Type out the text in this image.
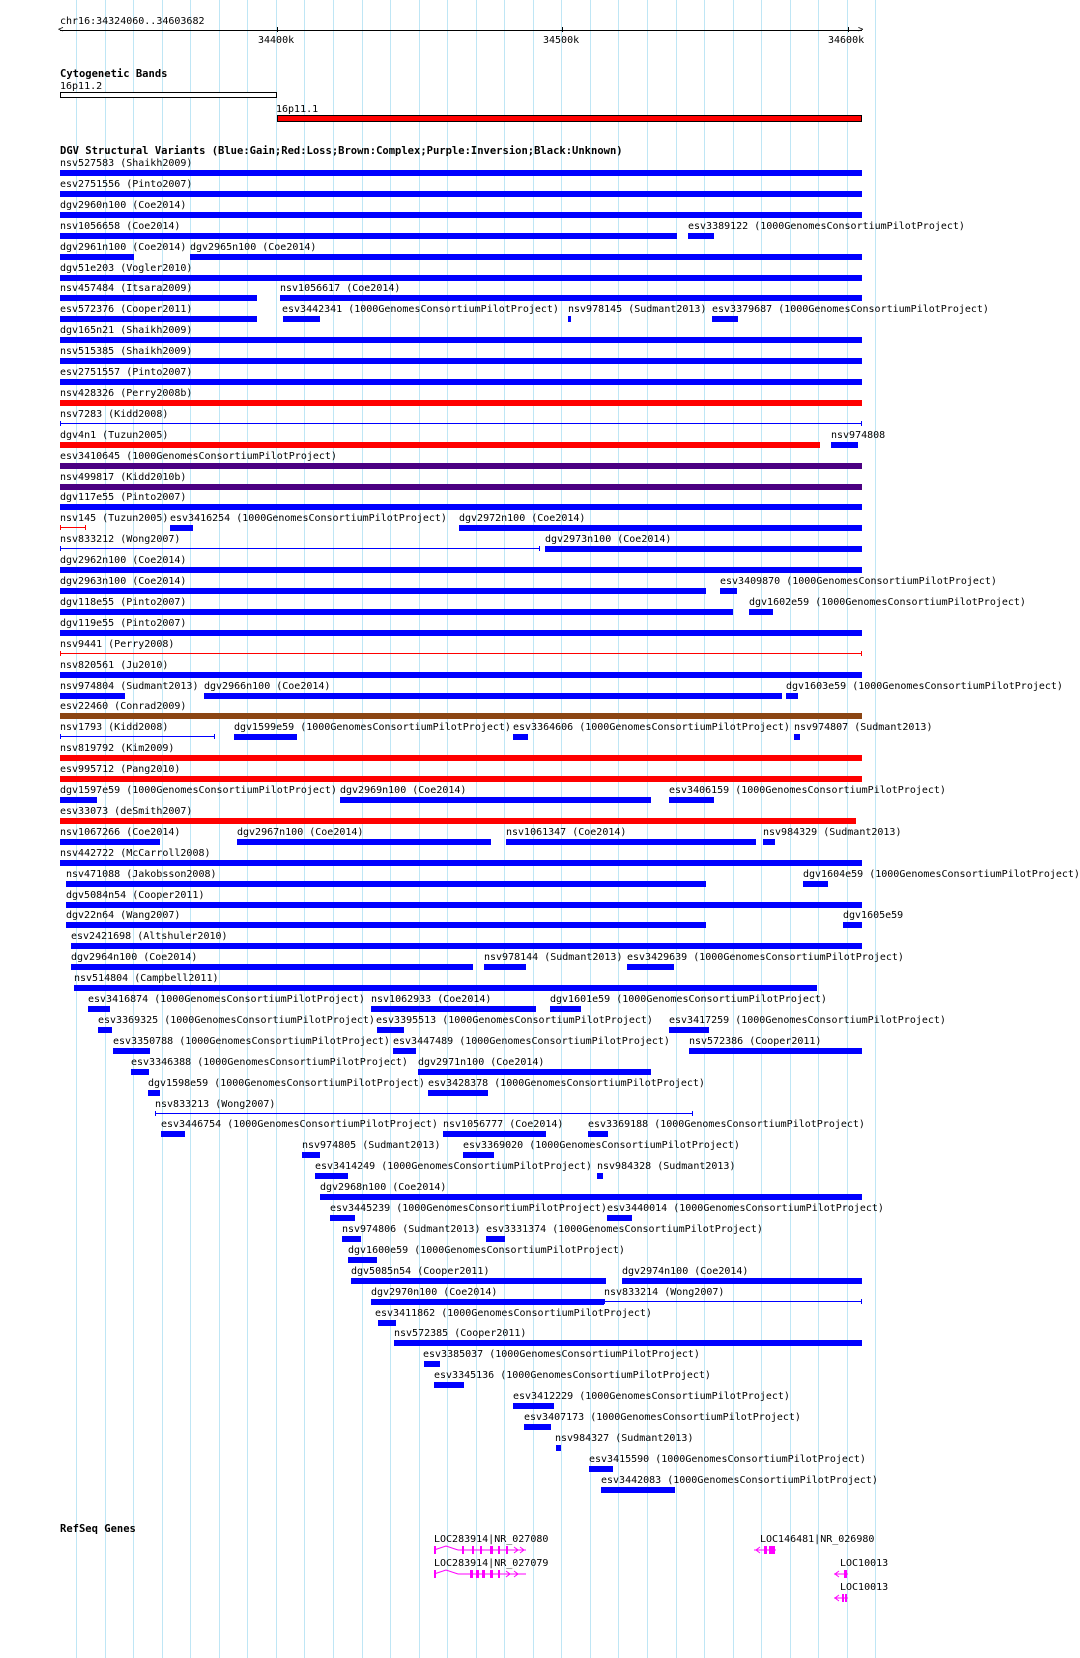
chr16:34324060..34603682
<	>
34400k	34500k	34600k
Cytogenetic Bands
16p11.2
16p11.1
DGV Structural Variants (Blue:Gain;Red:Loss;Brown:Complex;Purple:Inversion;Black:Unknown)
nsv527583 (Shaikh2009)
esv2751556 (Pinto2007)
dgv2960n100 (Coe2014)
nsv1056658 (Coe2014)	esv3389122 (1000GenomesConsortiumPilotProject)
dgv2961n100 (Coe2014) dgv2965n100 (Coe2014)
dgv51e203 (Vogler2010)
nsv457484 (Itsara2009)	nsv1056617 (Coe2014)
esv572376 (Cooper2011)	esv3442341 (1000GenomesConsortiumPilotProject) nsv978145 (Sudmant2013) esv3379687 (1000GenomesConsortiumPilotProject)
dgv165n21 (Shaikh2009)
nsv515385 (Shaikh2009)
esv2751557 (Pinto2007)
nsv428326 (Perry2008b)
nsv7283 (Kidd2008)
dgv4n1 (Tuzun2005)	nsv974808
esv3410645 (1000GenomesConsortiumPilotProject)
nsv499817 (Kidd2010b)
dgv117e55 (Pinto2007)
nsv145 (Tuzun2005) esv3416254 (1000GenomesConsortiumPilotProject) dgv2972n100 (Coe2014)
nsv833212 (Wong2007)	dgv2973n100 (Coe2014)
dgv2962n100 (Coe2014)
dgv2963n100 (Coe2014)	esv3409870 (1000GenomesConsortiumPilotProject)
dgv118e55 (Pinto2007)	dgv1602e59 (1000GenomesConsortiumPilotProject)
dgv119e55 (Pinto2007)
nsv9441 (Perry2008)
nsv820561 (Ju2010)
nsv974804 (Sudmant2013) dgv2966n100 (Coe2014)	dgv1603e59 (1000GenomesConsortiumPilotProject)
esv22460 (Conrad2009)
nsv1793 (Kidd2008)	dgv1599e59 (1000GenomesConsortiumPilotProject) esv3364606 (1000GenomesConsortiumPilotProject) nsv974807 (Sudmant2013)
nsv819792 (Kim2009)
esv995712 (Pang2010)
dgv1597e59 (1000GenomesConsortiumPilotProject) dgv2969n100 (Coe2014)	esv3406159 (1000GenomesConsortiumPilotProject)
esv33073 (deSmith2007)
nsv1067266 (Coe2014)	dgv2967n100 (Coe2014)	nsv1061347 (Coe2014)	nsv984329 (Sudmant2013)
nsv442722 (McCarroll2008)
nsv471088 (Jakobsson2008)	dgv1604e59 (1000GenomesConsortiumPilotProject)
dgv5084n54 (Cooper2011)
dgv22n64 (Wang2007)	dgv1605e59
esv2421698 (Altshuler2010)
dgv2964n100 (Coe2014)	nsv978144 (Sudmant2013) esv3429639 (1000GenomesConsortiumPilotProject)
nsv514804 (Campbell2011)
esv3416874 (1000GenomesConsortiumPilotProject) nsv1062933 (Coe2014)	dgv1601e59 (1000GenomesConsortiumPilotProject)
esv3369325 (1000GenomesConsortiumPilotProject) esv3395513 (1000GenomesConsortiumPilotProject) esv3417259 (1000GenomesConsortiumPilotProject)
esv3350788 (1000GenomesConsortiumPilotProject) esv3447489 (1000GenomesConsortiumPilotProject) nsv572386 (Cooper2011)
esv3346388 (1000GenomesConsortiumPilotProject) dgv2971n100 (Coe2014)
dgv1598e59 (1000GenomesConsortiumPilotProject) esv3428378 (1000GenomesConsortiumPilotProject)
nsv833213 (Wong2007)
esv3446754 (1000GenomesConsortiumPilotProject) nsv1056777 (Coe2014) esv3369188 (1000GenomesConsortiumPilotProject)
nsv974805 (Sudmant2013) esv3369020 (1000GenomesConsortiumPilotProject)
esv3414249 (1000GenomesConsortiumPilotProject) nsv984328 (Sudmant2013)
dgv2968n100 (Coe2014)
esv3445239 (1000GenomesConsortiumPilotProject) esv3440014 (1000GenomesConsortiumPilotProject)
nsv974806 (Sudmant2013) esv3331374 (1000GenomesConsortiumPilotProject)
dgv1600e59 (1000GenomesConsortiumPilotProject)
dgv5085n54 (Cooper2011)	dgv2974n100 (Coe2014)
dgv2970n100 (Coe2014)	nsv833214 (Wong2007)
esv3411862 (1000GenomesConsortiumPilotProject)
nsv572385 (Cooper2011)
esv3385037 (1000GenomesConsortiumPilotProject)
esv3345136 (1000GenomesConsortiumPilotProject)
esv3412229 (1000GenomesConsortiumPilotProject)
esv3407173 (1000GenomesConsortiumPilotProject)
nsv984327 (Sudmant2013)
esv3415590 (1000GenomesConsortiumPilotProject)
esv3442083 (1000GenomesConsortiumPilotProject)
RefSeq Genes
LOC283914|NR_027080
LOC283914|NR_027079
LOC146481|NR_026980
LOC10013
LOC10013
